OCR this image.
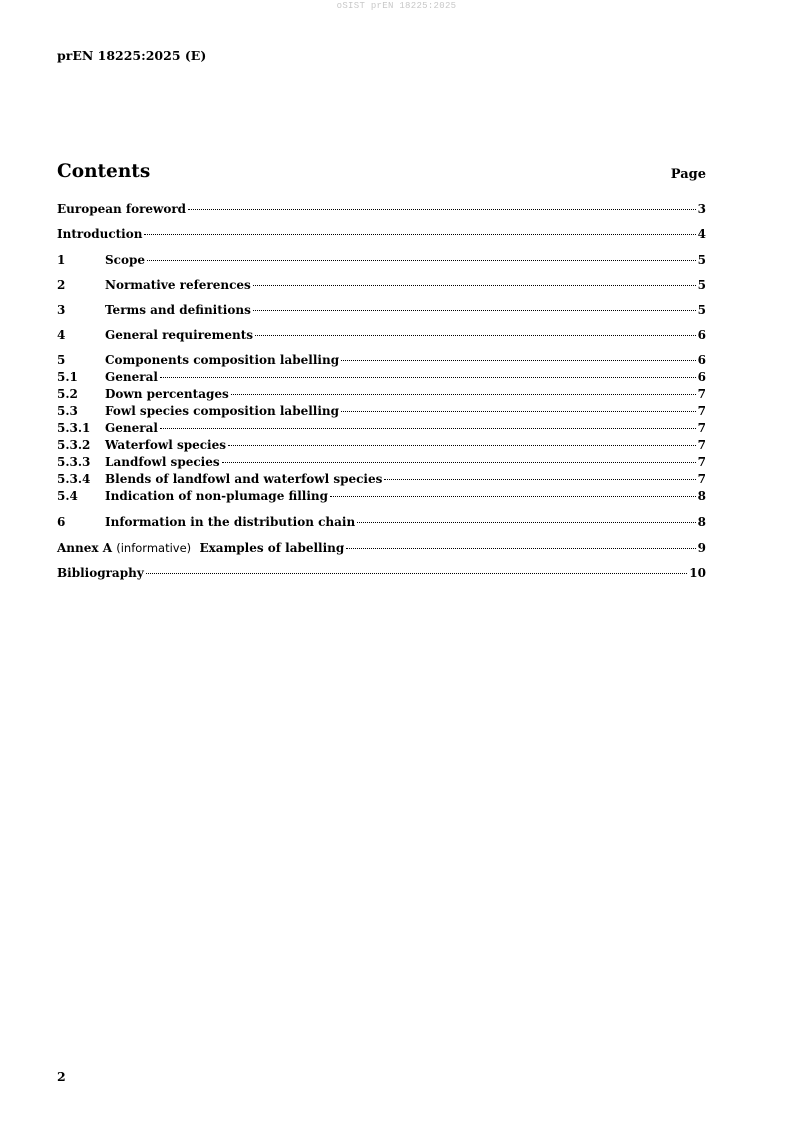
oSIST prEN 18225:2025
prEN 18225:2025 (E)
Contents	Page
European foreword	3
Introduction	4
1	Scope	5
2	Normative references	5
3	Terms and definitions	5
4	General requirements	6
5	Components composition labelling	6
5.1	General	6
5.2	Down percentages	7
5.3	Fowl species composition labelling	7
5.3.1	General	7
5.3.2	Waterfowl species	7
5.3.3	Landfowl species	7
5.3.4	Blends of landfowl and waterfowl species	7
5.4	Indication of non-plumage filling	8
6	Information in the distribution chain	8
Annex A (informative) Examples of labelling	9
Bibliography	10
2
